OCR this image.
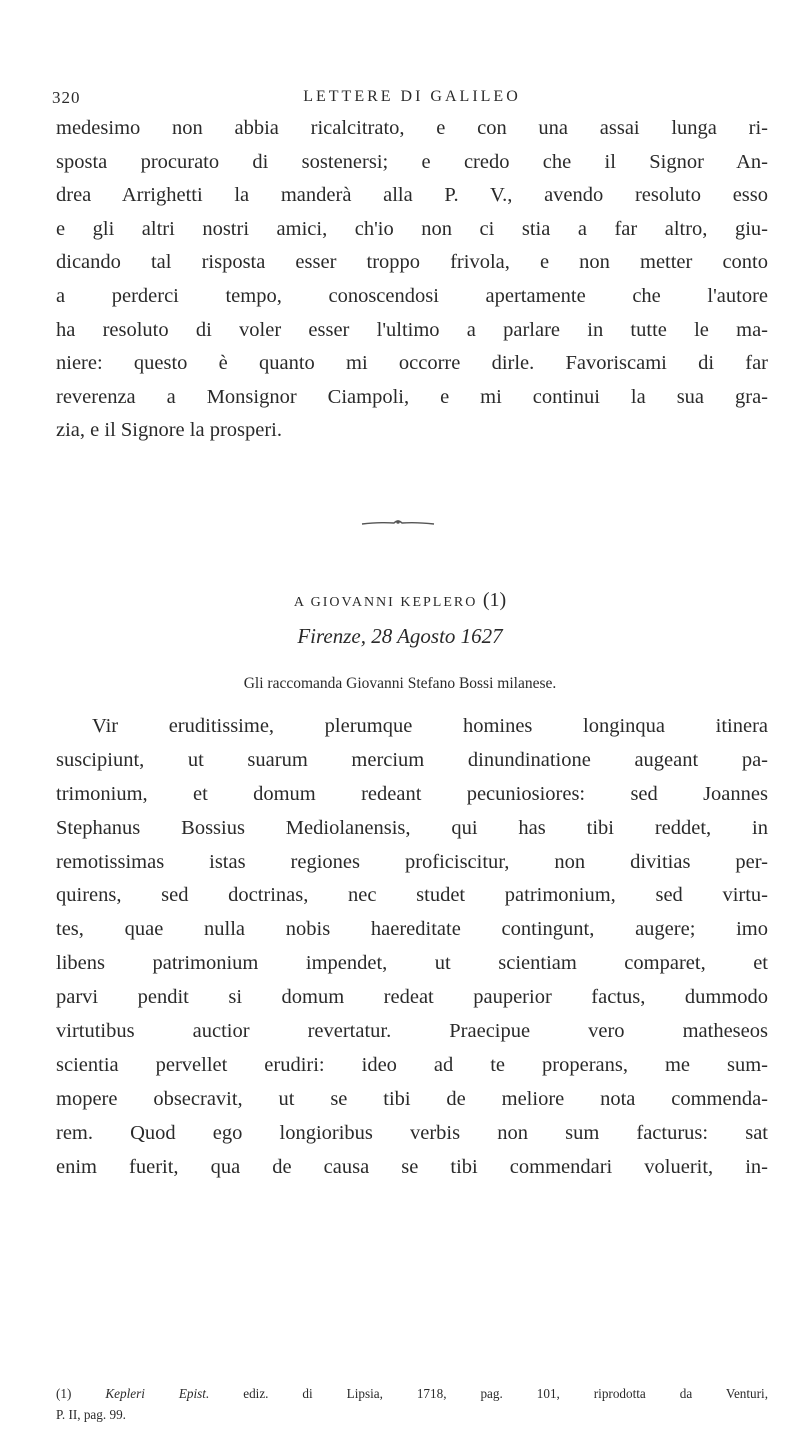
320	LETTERE DI GALILEO
medesimo non abbia ricalcitrato, e con una assai lunga ri-
sposta procurato di sostenersi; e credo che il Signor An-
drea Arrighetti la manderà alla P. V., avendo resoluto esso
e gli altri nostri amici, ch'io non ci stia a far altro, giu-
dicando tal risposta esser troppo frivola, e non metter conto
a perderci tempo, conoscendosi apertamente che l'autore
ha resoluto di voler esser l'ultimo a parlare in tutte le ma-
niere: questo è quanto mi occorre dirle. Favoriscami di far
reverenza a Monsignor Ciampoli, e mi continui la sua gra-
zia, e il Signore la prosperi.
A GIOVANNI KEPLERO (1)
Firenze, 28 Agosto 1627
Gli raccomanda Giovanni Stefano Bossi milanese.
Vir eruditissime, plerumque homines longinqua itinera
suscipiunt, ut suarum mercium dinundinatione augeant pa-
trimonium, et domum redeant pecuniosiores: sed Joannes
Stephanus Bossius Mediolanensis, qui has tibi reddet, in
remotissimas istas regiones proficiscitur, non divitias per-
quirens, sed doctrinas, nec studet patrimonium, sed virtu-
tes, quae nulla nobis haereditate contingunt, augere; imo
libens patrimonium impendet, ut scientiam comparet, et
parvi pendit si domum redeat pauperior factus, dummodo
virtutibus auctior revertatur. Praecipue vero matheseos
scientia pervellet erudiri: ideo ad te properans, me sum-
mopere obsecravit, ut se tibi de meliore nota commenda-
rem. Quod ego longioribus verbis non sum facturus: sat
enim fuerit, qua de causa se tibi commendari voluerit, in-
(1)	Kepleri Epist.	ediz. di Lipsia, 1718, pag. 101, riprodotta da Venturi,
P. II, pag. 99.
